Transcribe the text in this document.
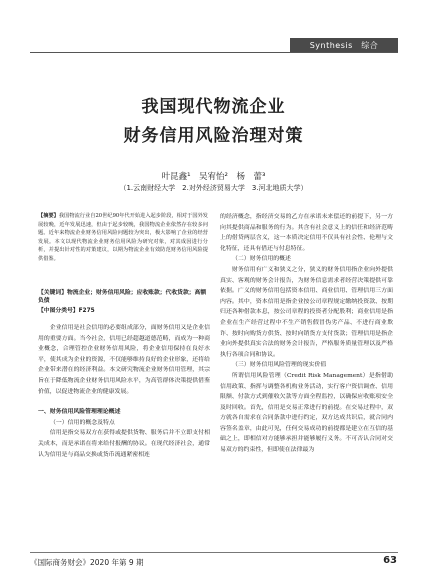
Synthesis　综合
我国现代物流企业
财务信用风险治理对策
叶昆鑫¹　吴宥怡²　杨　蕾³
（1.云南财经大学　2.对外经济贸易大学　3.河北地质大学）
【摘要】我国物流行业自20世纪90年代开始进入起步阶段，相对于国外发展较晚，近年发展迅速，但由于起步较晚，我国物流企业依然存在较多问题。近年来物流企业财务信用风险问题较为突出，极大影响了企业的经营发展。本文以现代物流企业财务信用风险为研究对象，对其成因进行分析，并提出针对性的对策建议，以期为物流企业有效防范财务信用风险提供借鉴。
【关键词】物流企业；财务信用风险；应收账款；代收货款；高额负债
【中图分类号】F275

企业信用是社会信用的必要组成部分，面财务信用又是企业信用的重要方面。当今社会，信用已经超越道德范畴，而成为一种商业概念，合理管控企业财务信用风险，将企业信用保持在良好水平，使其成为企业的资源，不仅能够维持良好的企业形象，还将给企业带来潜在的经济利益。本文研究物流企业财务信用管理，其宗旨在于降低物流企业财务信用风险水平，为高管群体决策提供借鉴价值，以促进物流企业的健康发展。

一、财务信用风险管理理论概述

（一）信用的概念及特点

信用是指交易双方在获得或提供货物、服务后并不立即支付相关成本，而是承诺在将来给付报酬的协议。在现代经济社会，通常认为信用是与商品交换或货币流通紧密相连

的经济概念，指经济交易的乙方在承诺未来偿还的前提下，另一方向其提供商品和服务的行为。其含有社会意义上的信任和经济范畴上的借贷两层含义，这一本质决定信用不仅具有社会性、伦理与文化特征，还具有借还与付息特征。

（二）财务信用的概述

财务信用有广义和狭义之分，狭义的财务信用指企业向外提供真实、客观的财务会计报告，为财务信息需求者经营决策提供可靠依据。广义的财务信用包括资本信用、商业信用、管理信用三方面内容。其中，资本信用是指企业按公司章程规定缴纳投资款、按期归还各种借款本息，按公司章程的投资者分配股利；商业信用是指企业在生产经营过程中不生产销售假冒伪劣产品、不进行商业欺诈、按时向购货方供货、按时向销货方支付货款；管理信用是指企业向外提供真实合法的财务会计报告，严格服务质量管理以及严格执行各项合同和协议。

（三）财务信用风险管理的现实价值

所谓信用风险管理（Credit Risk Management）是指借助信用政策、指挥与调整各机构业务活动，实行客户资信调查、信用限额、付款方式到催收欠款等方面全程监控，以确保应收账项安全及时回收。首先，信用是交易正常进行的前提。在交易过程中，双方就各自需求在合同条款中进行约定，双方达成共识后，就合同内容签名盖章，由此可见，任何交易成功的前提都是建立在互信的基础之上，即相信对方能够承担并能够履行义务。不可否认合同对交易双方的约束性，但即使在法律最为

《国际商务财会》2020 年第 9 期	63
